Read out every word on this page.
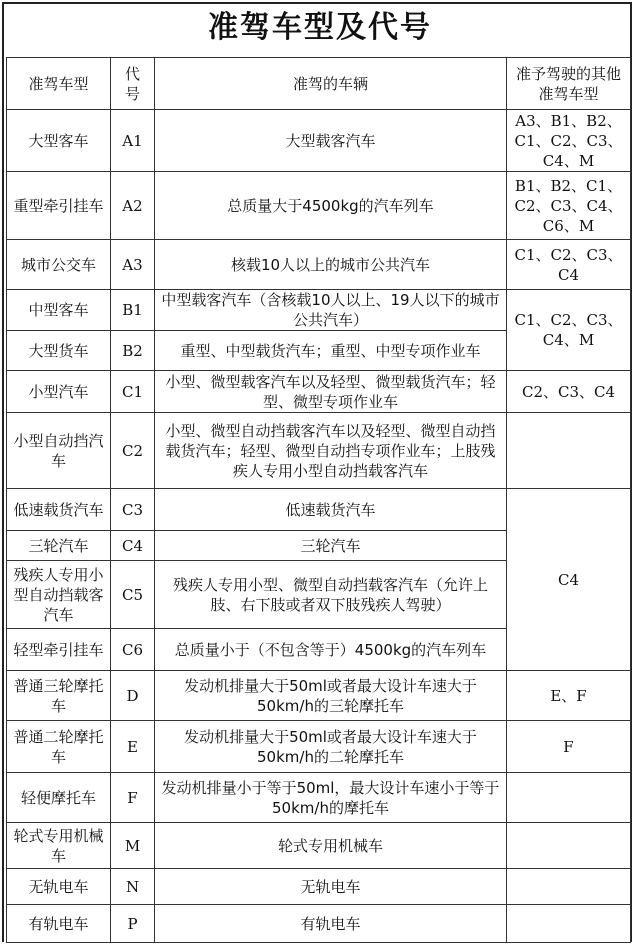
准驾车型及代号
准驾车型	代号	准驾的车辆	准予驾驶的其他准驾车型
大型客车	A1	大型载客汽车	A3、B1、B2、C1、C2、C3、C4、M
重型牵引挂车	A2	总质量大于4500kg的汽车列车	B1、B2、C1、C2、C3、C4、C6、M
城市公交车	A3	核载10人以上的城市公共汽车	C1、C2、C3、C4
中型客车	B1	中型载客汽车（含核载10人以上、19人以下的城市公共汽车）	C1、C2、C3、C4、M
大型货车	B2	重型、中型载货汽车；重型、中型专项作业车	
小型汽车	C1	小型、微型载客汽车以及轻型、微型载货汽车；轻型、微型专项作业车	C2、C3、C4
小型自动挡汽车	C2	小型、微型自动挡载客汽车以及轻型、微型自动挡载货汽车；轻型、微型自动挡专项作业车；上肢残疾人专用小型自动挡载客汽车	
低速载货汽车	C3	低速载货汽车	C4
三轮汽车	C4	三轮汽车	
残疾人专用小型自动挡载客汽车	C5	残疾人专用小型、微型自动挡载客汽车（允许上肢、右下肢或者双下肢残疾人驾驶）	
轻型牵引挂车	C6	总质量小于（不包含等于）4500kg的汽车列车	
普通三轮摩托车	D	发动机排量大于50ml或者最大设计车速大于50km/h的三轮摩托车	E、F
普通二轮摩托车	E	发动机排量大于50ml或者最大设计车速大于50km/h的二轮摩托车	F
轻便摩托车	F	发动机排量小于等于50ml，最大设计车速小于等于50km/h的摩托车	
轮式专用机械车	M	轮式专用机械车	
无轨电车	N	无轨电车	
有轨电车	P	有轨电车	
